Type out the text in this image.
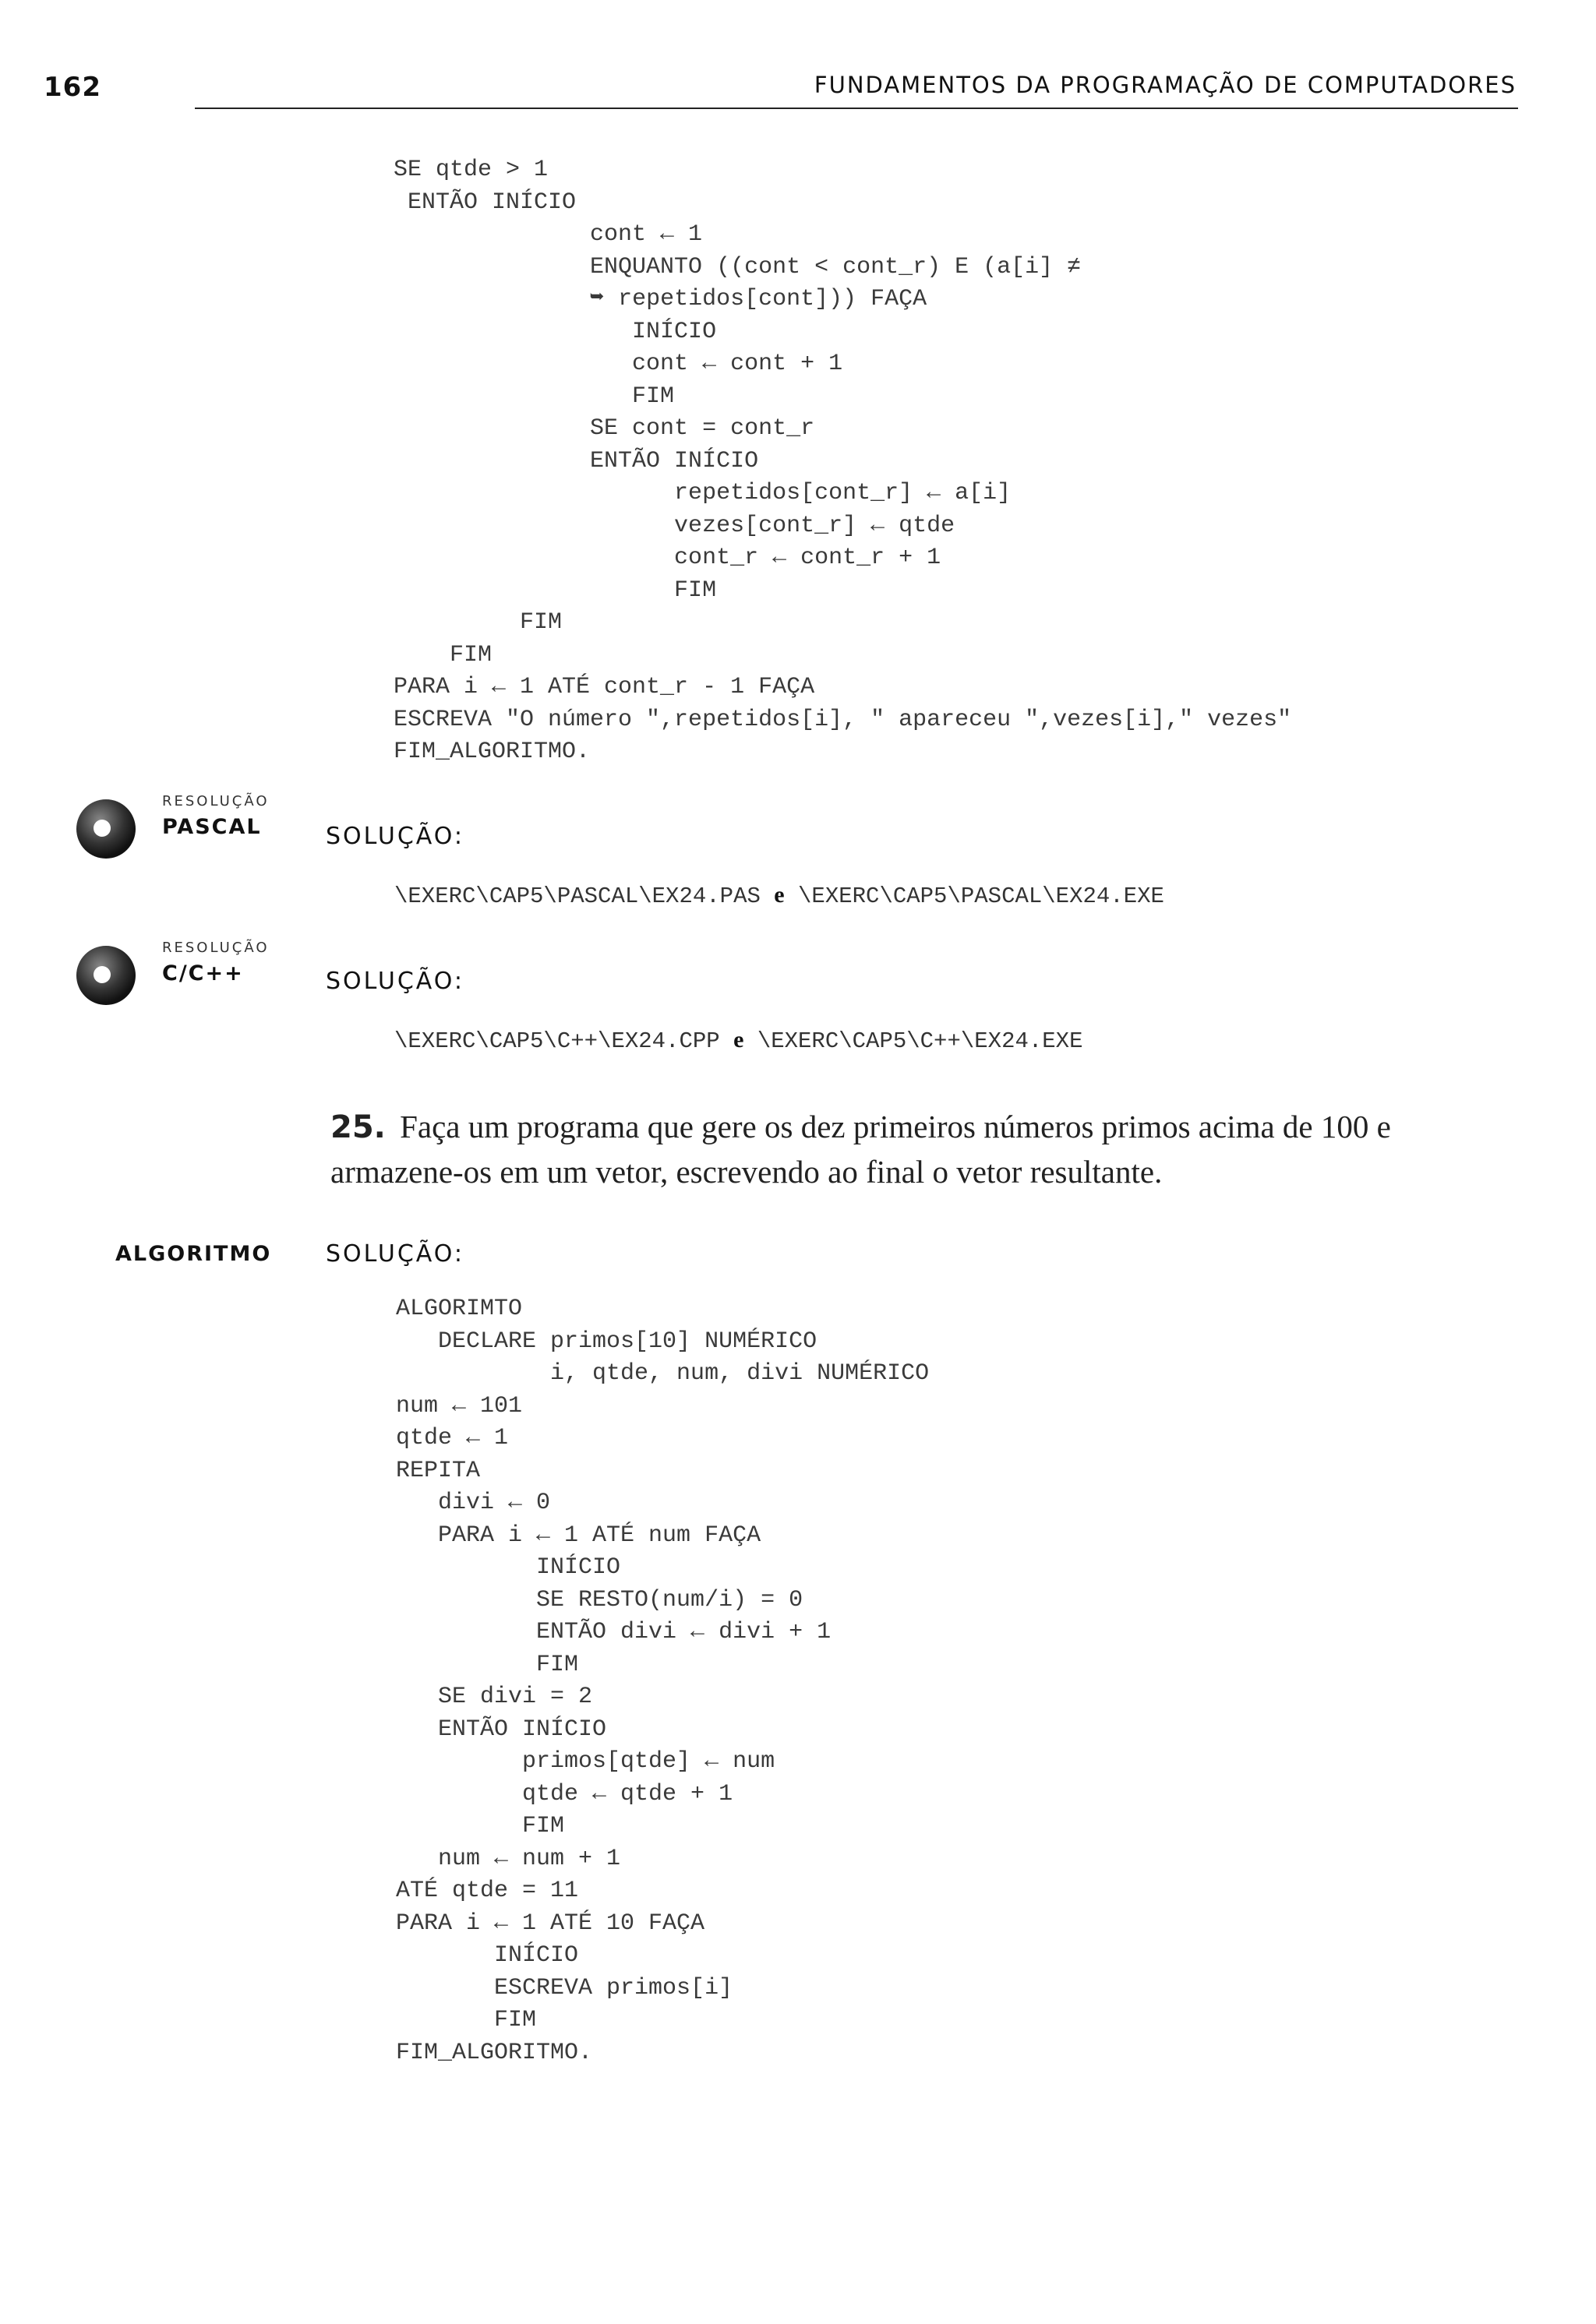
162	FUNDAMENTOS DA PROGRAMAÇÃO DE COMPUTADORES
SE qtde > 1
ENTÃO INÍCIO
cont ← 1
ENQUANTO ((cont < cont_r) E (a[i] ≠
➥ repetidos[cont])) FAÇA
INÍCIO
cont ← cont + 1
FIM
SE cont = cont_r
ENTÃO INÍCIO
repetidos[cont_r] ← a[i]
vezes[cont_r] ← qtde
cont_r ← cont_r + 1
FIM
FIM
FIM
PARA i ← 1 ATÉ cont_r - 1 FAÇA
ESCREVA "O número ",repetidos[i], " apareceu ",vezes[i]," vezes"
FIM_ALGORITMO.
RESOLUÇÃO
PASCAL	SOLUÇÃO:
\EXERC\CAP5\PASCAL\EX24.PAS e \EXERC\CAP5\PASCAL\EX24.EXE
RESOLUÇÃO
C/C++	SOLUÇÃO:
\EXERC\CAP5\C++\EX24.CPP e \EXERC\CAP5\C++\EX24.EXE
25. Faça um programa que gere os dez primeiros números primos acima de 100 e armazene-os em um vetor, escrevendo ao final o vetor resultante.
ALGORITMO SOLUÇÃO:
ALGORIMTO
DECLARE primos[10] NUMÉRICO
i, qtde, num, divi NUMÉRICO
num ← 101
qtde ← 1
REPITA
divi ← 0
PARA i ← 1 ATÉ num FAÇA
INÍCIO
SE RESTO(num/i) = 0
ENTÃO divi ← divi + 1
FIM
SE divi = 2
ENTÃO INÍCIO
primos[qtde] ← num
qtde ← qtde + 1
FIM
num ← num + 1
ATÉ qtde = 11
PARA i ← 1 ATÉ 10 FAÇA
INÍCIO
ESCREVA primos[i]
FIM
FIM_ALGORITMO.
